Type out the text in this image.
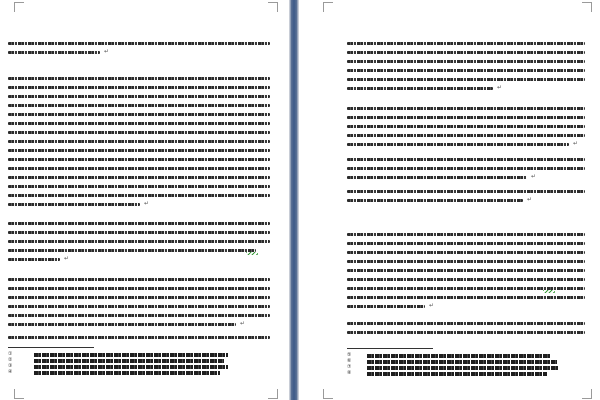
↵
↵
↵
↵
①
②
③
④
↵
↵
↵
↵
↵
⑤
⑥
⑦
⑧
